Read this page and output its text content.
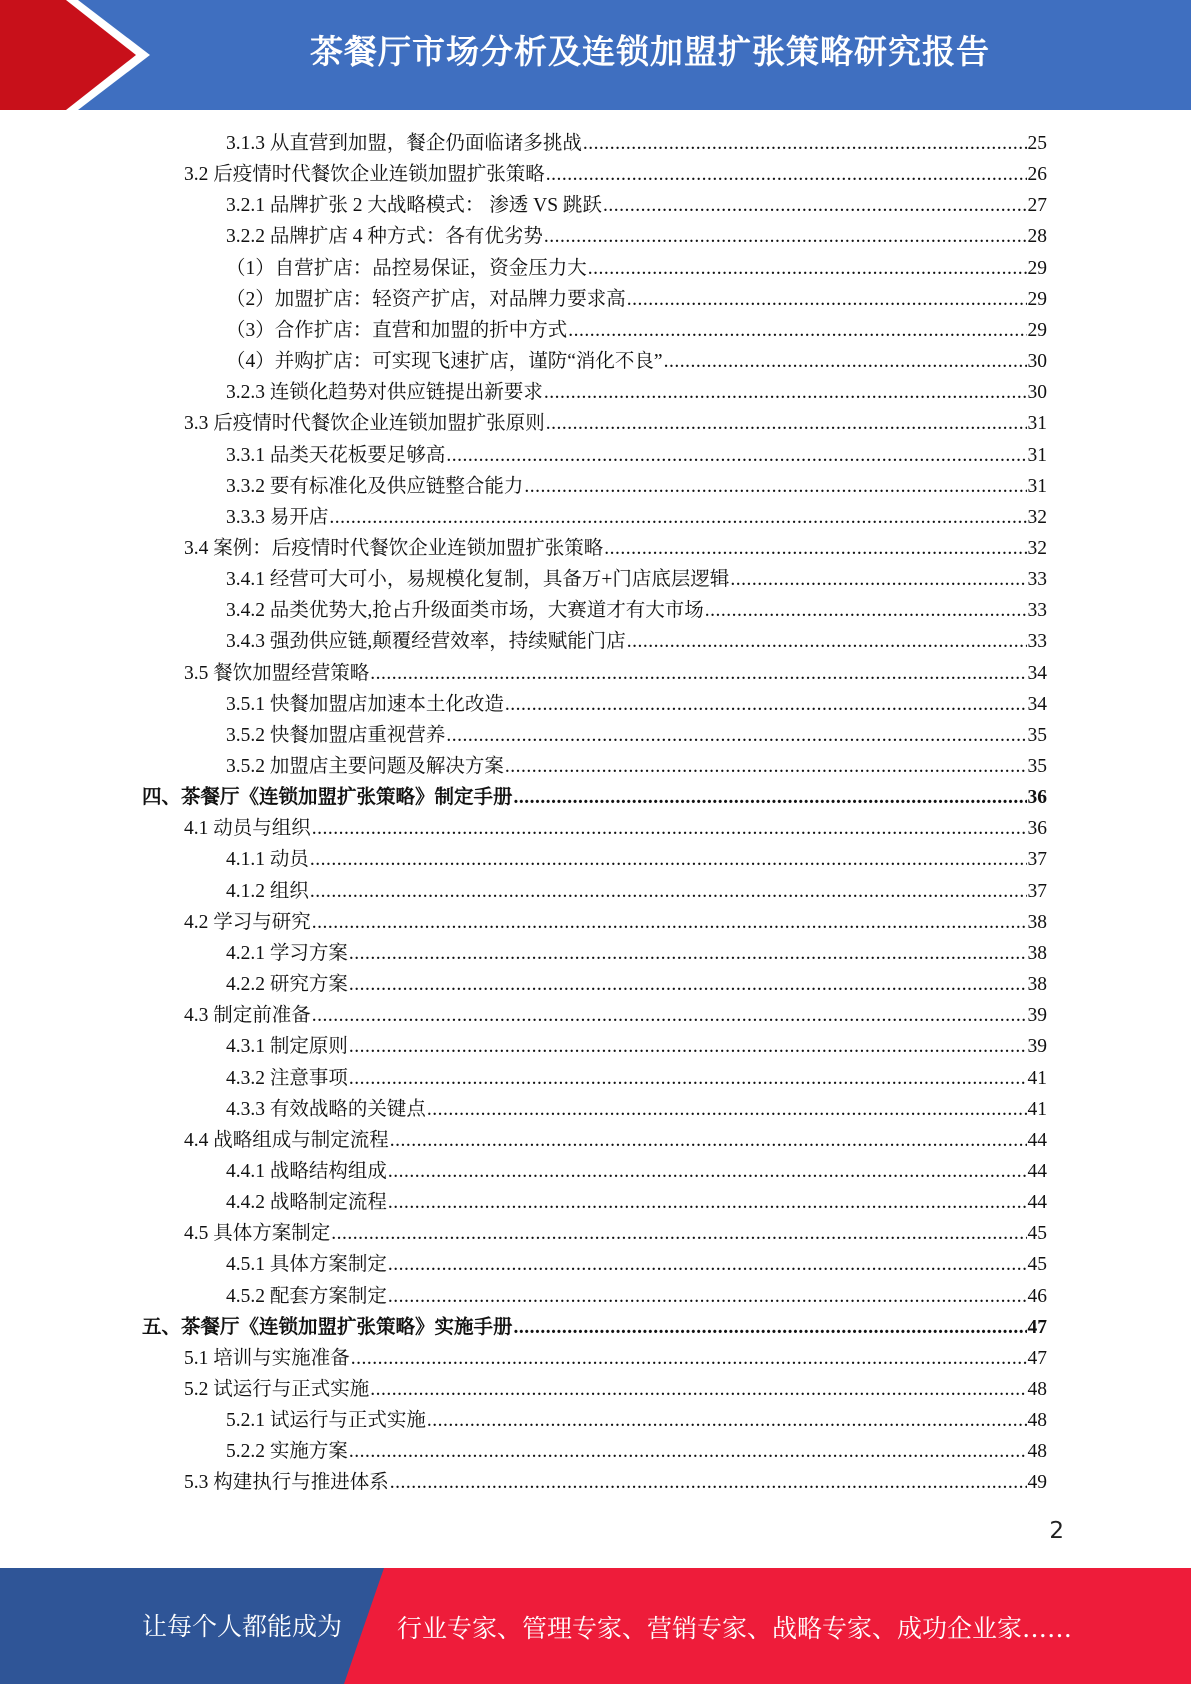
茶餐厅市场分析及连锁加盟扩张策略研究报告
3.1.3 从直营到加盟，餐企仍面临诸多挑战 .....	25
3.2 后疫情时代餐饮企业连锁加盟扩张策略 .....	26
3.2.1 品牌扩张 2 大战略模式： 渗透 VS 跳跃 .....	27
3.2.2 品牌扩店 4 种方式：各有优劣势 .....	28
（1）自营扩店：品控易保证，资金压力大 .....	29
（2）加盟扩店：轻资产扩店，对品牌力要求高 .....	29
（3）合作扩店：直营和加盟的折中方式 .....	29
（4）并购扩店：可实现飞速扩店，谨防“消化不良” .....	30
3.2.3 连锁化趋势对供应链提出新要求 .....	30
3.3 后疫情时代餐饮企业连锁加盟扩张原则 .....	31
3.3.1 品类天花板要足够高 .....	31
3.3.2 要有标准化及供应链整合能力 .....	31
3.3.3 易开店 .....	32
3.4 案例：后疫情时代餐饮企业连锁加盟扩张策略 .....	32
3.4.1 经营可大可小，易规模化复制，具备万+门店底层逻辑 .....	33
3.4.2 品类优势大,抢占升级面类市场，大赛道才有大市场 .....	33
3.4.3 强劲供应链,颠覆经营效率，持续赋能门店 .....	33
3.5 餐饮加盟经营策略 .....	34
3.5.1 快餐加盟店加速本土化改造 .....	34
3.5.2 快餐加盟店重视营养 .....	35
3.5.2 加盟店主要问题及解决方案 .....	35
四、茶餐厅《连锁加盟扩张策略》制定手册 .....	36
4.1 动员与组织 .....	36
4.1.1 动员 .....	37
4.1.2 组织 .....	37
4.2 学习与研究 .....	38
4.2.1 学习方案 .....	38
4.2.2 研究方案 .....	38
4.3 制定前准备 .....	39
4.3.1 制定原则 .....	39
4.3.2 注意事项 .....	41
4.3.3 有效战略的关键点 .....	41
4.4 战略组成与制定流程 .....	44
4.4.1 战略结构组成 .....	44
4.4.2 战略制定流程 .....	44
4.5 具体方案制定 .....	45
4.5.1 具体方案制定 .....	45
4.5.2 配套方案制定 .....	46
五、茶餐厅《连锁加盟扩张策略》实施手册 .....	47
5.1 培训与实施准备 .....	47
5.2 试运行与正式实施 .....	48
5.2.1 试运行与正式实施 .....	48
5.2.2 实施方案 .....	48
5.3 构建执行与推进体系 .....	49
2
让每个人都能成为 行业专家、管理专家、营销专家、战略专家、成功企业家……
